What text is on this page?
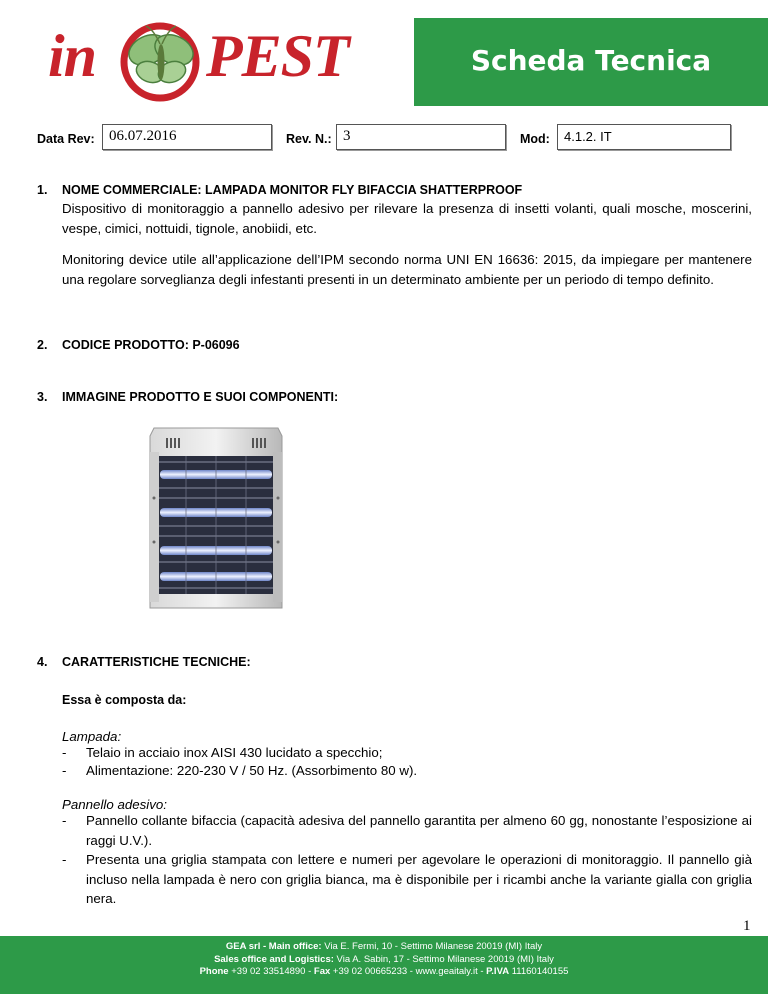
in PEST	Scheda Tecnica
Data Rev: 06.07.2016	Rev. N.: 3	Mod:	4.1.2. IT
1. NOME COMMERCIALE: LAMPADA MONITOR FLY BIFACCIA SHATTERPROOF
Dispositivo di monitoraggio a pannello adesivo per rilevare la presenza di insetti volanti, quali mosche, moscerini, vespe, cimici, nottuidi, tignole, anobiidi, etc.
Monitoring device utile all’applicazione dell’IPM secondo norma UNI EN 16636: 2015, da impiegare per mantenere una regolare sorveglianza degli infestanti presenti in un determinato ambiente per un periodo di tempo definito.
2. CODICE PRODOTTO: P-06096
3. IMMAGINE PRODOTTO E SUOI COMPONENTI:
4. CARATTERISTICHE TECNICHE:
Essa è composta da:
Lampada:
- Telaio in acciaio inox AISI 430 lucidato a specchio;
- Alimentazione: 220-230 V / 50 Hz. (Assorbimento 80 w).
Pannello adesivo:
- Pannello collante bifaccia (capacità adesiva del pannello garantita per almeno 60 gg, nonostante l’esposizione ai raggi U.V.).
- Presenta una griglia stampata con lettere e numeri per agevolare le operazioni di monitoraggio. Il pannello già incluso nella lampada è nero con griglia bianca, ma è disponibile per i ricambi anche la variante gialla con griglia nera.
1
GEA srl - Main office: Via E. Fermi, 10 - Settimo Milanese 20019 (MI) Italy
Sales office and Logistics: Via A. Sabin, 17 - Settimo Milanese 20019 (MI) Italy
Phone +39 02 33514890 - Fax +39 02 00665233 - www.geaitaly.it - P.IVA 11160140155
